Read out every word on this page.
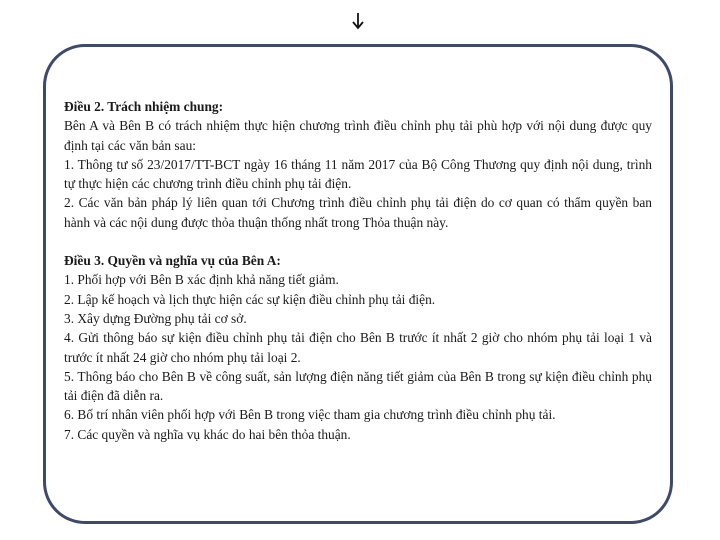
Điều 2. Trách nhiệm chung:

Bên A và Bên B có trách nhiệm thực hiện chương trình điều chỉnh phụ tải phù hợp với nội dung được quy định tại các văn bản sau:

1. Thông tư số 23/2017/TT-BCT ngày 16 tháng 11 năm 2017 của Bộ Công Thương quy định nội dung, trình tự thực hiện các chương trình điều chỉnh phụ tải điện.

2. Các văn bản pháp lý liên quan tới Chương trình điều chỉnh phụ tải điện do cơ quan có thẩm quyền ban hành và các nội dung được thỏa thuận thống nhất trong Thỏa thuận này.

Điều 3. Quyền và nghĩa vụ của Bên A:

1. Phối hợp với Bên B xác định khả năng tiết giảm.

2. Lập kế hoạch và lịch thực hiện các sự kiện điều chỉnh phụ tải điện.

3. Xây dựng Đường phụ tải cơ sở.

4. Gửi thông báo sự kiện điều chỉnh phụ tải điện cho Bên B trước ít nhất 2 giờ cho nhóm phụ tải loại 1 và trước ít nhất 24 giờ cho nhóm phụ tải loại 2.

5. Thông báo cho Bên B về công suất, sản lượng điện năng tiết giảm của Bên B trong sự kiện điều chỉnh phụ tải điện đã diễn ra.

6. Bố trí nhân viên phối hợp với Bên B trong việc tham gia chương trình điều chỉnh phụ tải.

7. Các quyền và nghĩa vụ khác do hai bên thỏa thuận.
